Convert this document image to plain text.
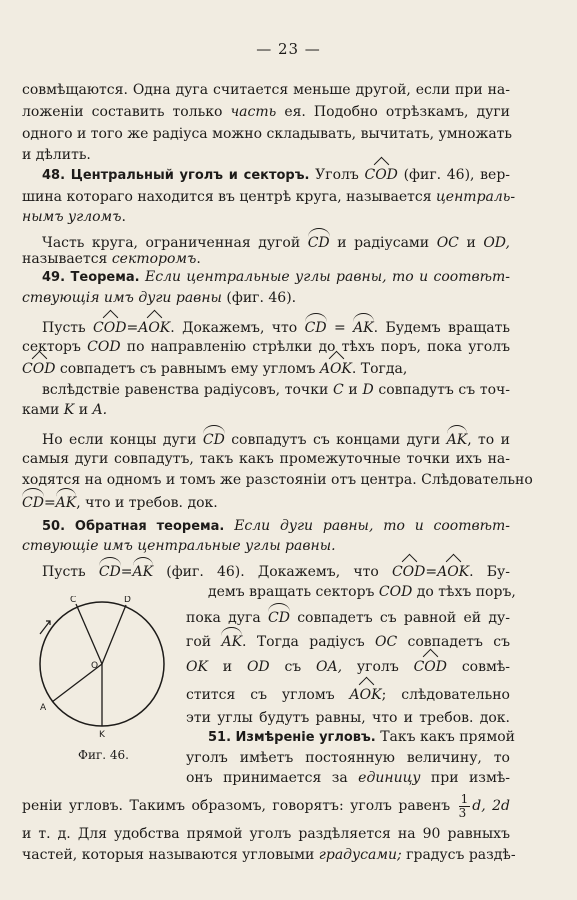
— 23 —
совмѣщаются. Одна дуга считается меньше другой, если при на-
ложеніи составить только часть ея. Подобно отрѣзкамъ, дуги
одного и того же радіуса можно складывать, вычитать, умножать
и дѣлить.
48. Центральный уголъ и секторъ. Уголъ COD (фиг. 46), вер-
шина котораго находится въ центрѣ круга, называется централь-
нымъ угломъ.
Часть круга, ограниченная дугой CD и радіусами OC и OD,
называется секторомъ.
49. Теорема. Если центральные углы равны, то и соотвѣт-
ствующія имъ дуги равны (фиг. 46).
Пусть COD=AOK. Докажемъ, что CD = AK. Будемъ вращать
секторъ COD по направленію стрѣлки до тѣхъ поръ, пока уголъ
COD совпадетъ съ равнымъ ему угломъ AOK. Тогда,
вслѣдствіе равенства радіусовъ, точки C и D совпадутъ съ точ-
ками K и A.
Но если концы дуги CD совпадутъ съ концами дуги AK, то и
самыя дуги совпадутъ, такъ какъ промежуточные точки ихъ на-
ходятся на одномъ и томъ же разстояніи отъ центра. Слѣдовательно
CD=AK, что и требов. док.
50. Обратная теорема. Если дуги равны, то и соотвѣт-
ствующіе имъ центральные углы равны.
Пусть CD=AK (фиг. 46). Докажемъ, что COD=AOK. Бу-
демъ вращать секторъ COD до тѣхъ поръ,
пока дуга CD совпадетъ съ равной ей ду-
гой AK. Тогда радіусъ OC совпадетъ съ
OK и OD съ OA, уголъ COD совмѣ-
стится съ угломъ AOK; слѣдовательно
эти углы будутъ равны, что и требов. док.
51. Измѣреніе угловъ. Такъ какъ прямой
уголъ имѣетъ постоянную величину, то
онъ принимается за единицу при измѣ-
реніи угловъ. Такимъ образомъ, говорятъ: уголъ равенъ $\frac{1}{3} d$, 2d
и т. д. Для удобства прямой уголъ раздѣляется на 90 равныхъ
частей, которыя называются угловыми градусами; градусъ раздѣ-
C	D
O
A
K
Фиг. 46.
